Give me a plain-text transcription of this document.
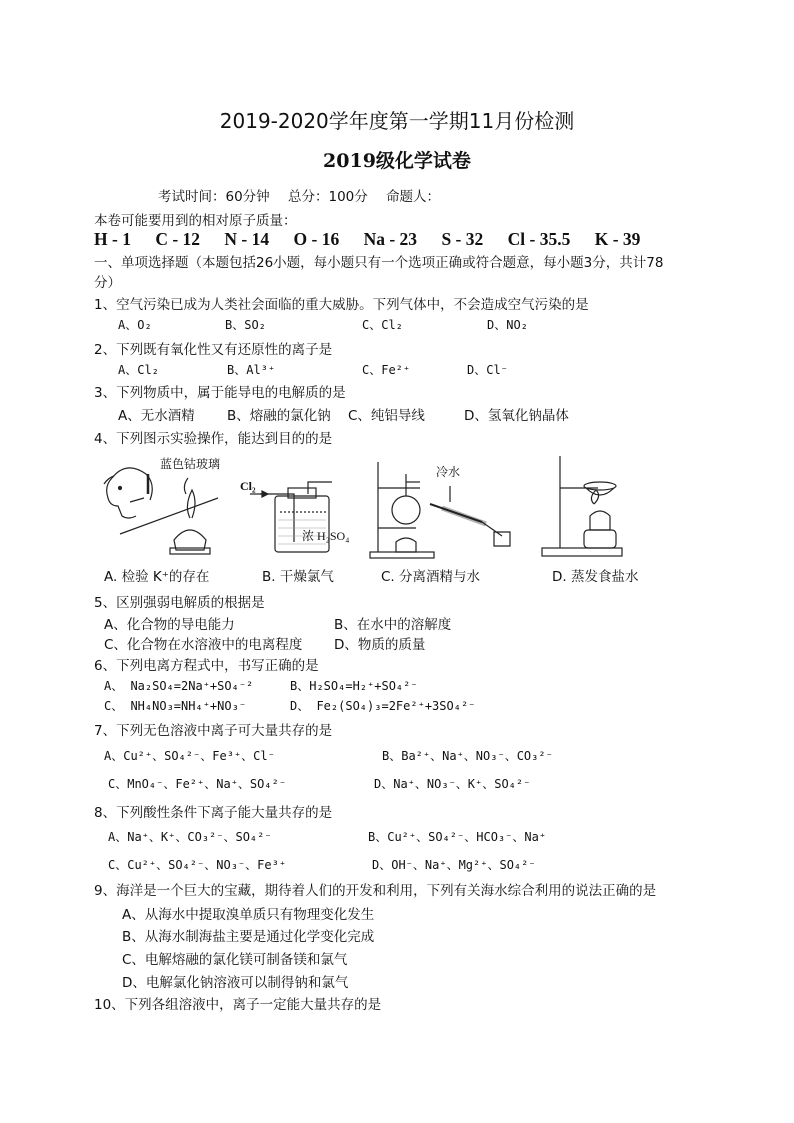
2019-2020学年度第一学期11月份检测
2019级化学试卷
考试时间：60分钟 总分：100分 命题人：
本卷可能要用到的相对原子质量：
H - 1 C - 12 N - 14 O - 16 Na - 23 S - 32 Cl - 35.5 K - 39
一、单项选择题（本题包括26小题，每小题只有一个选项正确或符合题意，每小题3分，共计78
分）
1、空气污染已成为人类社会面临的重大威胁。下列气体中，不会造成空气污染的是
A、O₂	B、SO₂	C、Cl₂	D、NO₂
2、下列既有氧化性又有还原性的离子是
A、Cl₂	B、Al³⁺	C、Fe²⁺	D、Cl⁻
3、下列物质中，属于能导电的电解质的是
A、无水酒精 B、熔融的氯化钠 C、纯铝导线	D、氢氧化钠晶体
4、下列图示实验操作，能达到目的的是
蓝色钴玻璃
Cl₂
浓 H₂SO₄
冷水
A. 检验 K⁺的存在	B. 干燥氯气	C. 分离酒精与水	D. 蒸发食盐水
5、区别强弱电解质的根据是
A、化合物的导电能力	B、在水中的溶解度
C、化合物在水溶液中的电离程度 D、物质的质量
6、下列电离方程式中，书写正确的是
A、 Na₂SO₄=2Na⁺+SO₄⁻²	B、H₂SO₄=H₂⁺+SO₄²⁻
C、 NH₄NO₃=NH₄⁺+NO₃⁻	D、 Fe₂(SO₄)₃=2Fe²⁺+3SO₄²⁻
7、下列无色溶液中离子可大量共存的是
A、Cu²⁺、SO₄²⁻、Fe³⁺、Cl⁻	B、Ba²⁺、Na⁺、NO₃⁻、CO₃²⁻
C、MnO₄⁻、Fe²⁺、Na⁺、SO₄²⁻	D、Na⁺、NO₃⁻、K⁺、SO₄²⁻
8、下列酸性条件下离子能大量共存的是
A、Na⁺、K⁺、CO₃²⁻、SO₄²⁻	B、Cu²⁺、SO₄²⁻、HCO₃⁻、Na⁺
C、Cu²⁺、SO₄²⁻、NO₃⁻、Fe³⁺	D、OH⁻、Na⁺、Mg²⁺、SO₄²⁻
9、海洋是一个巨大的宝藏，期待着人们的开发和利用，下列有关海水综合利用的说法正确的是
A、从海水中提取溴单质只有物理变化发生
B、从海水制海盐主要是通过化学变化完成
C、电解熔融的氯化镁可制备镁和氯气
D、电解氯化钠溶液可以制得钠和氯气
10、下列各组溶液中，离子一定能大量共存的是
